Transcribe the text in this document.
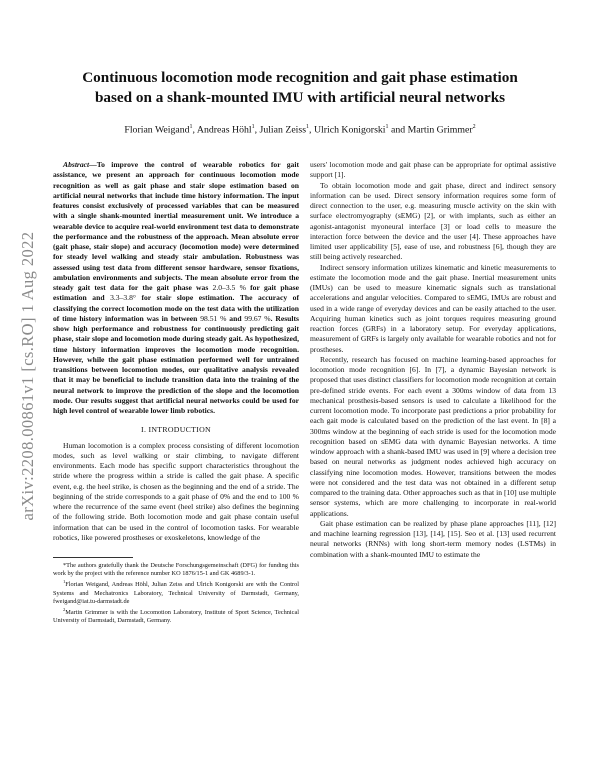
arXiv:2208.00861v1 [cs.RO] 1 Aug 2022
Continuous locomotion mode recognition and gait phase estimation
based on a shank-mounted IMU with artificial neural networks
Florian Weigand$^1$, Andreas Höhl$^1$, Julian Zeiss$^1$, Ulrich Konigorski$^1$ and Martin Grimmer$^2$

Abstract—To improve the control of wearable robotics for gait assistance, we present an approach for continuous locomotion mode recognition as well as gait phase and stair slope estimation based on artificial neural networks that include time history information. The input features consist exclusively of processed variables that can be measured with a single shank-mounted inertial measurement unit. We introduce a wearable device to acquire real-world environment test data to demonstrate the performance and the robustness of the approach. Mean absolute error (gait phase, stair slope) and accuracy (locomotion mode) were determined for steady level walking and steady stair ambulation. Robustness was assessed using test data from different sensor hardware, sensor fixations, ambulation environments and subjects. The mean absolute error from the steady gait test data for the gait phase was 2.0–3.5 % for gait phase estimation and 3.3–3.8° for stair slope estimation. The accuracy of classifying the correct locomotion mode on the test data with the utilization of time history information was in between 98.51 % and 99.67 %. Results show high performance and robustness for continuously predicting gait phase, stair slope and locomotion mode during steady gait. As hypothesized, time history information improves the locomotion mode recognition. However, while the gait phase estimation performed well for untrained transitions between locomotion modes, our qualitative analysis revealed that it may be beneficial to include transition data into the training of the neural network to improve the prediction of the slope and the locomotion mode. Our results suggest that artificial neural networks could be used for high level control of wearable lower limb robotics.

I. INTRODUCTION

Human locomotion is a complex process consisting of different locomotion modes, such as level walking or stair climbing, to navigate different environments. Each mode has specific support characteristics throughout the stride where the progress within a stride is called the gait phase. A specific event, e.g. the heel strike, is chosen as the beginning and the end of a stride. The beginning of the stride corresponds to a gait phase of 0% and the end to 100 % where the recurrence of the same event (heel strike) also defines the beginning of the following stride. Both locomotion mode and gait phase contain useful information that can be used in the control of locomotion tasks. For wearable robotics, like powered prostheses or exoskeletons, knowledge of the

*The authors gratefully thank the Deutsche Forschungsgemeinschaft (DFG) for funding this work by the project with the reference number KO 1876/15-1 and GK 4689/3-1.

$^1$Florian Weigand, Andreas Höhl, Julian Zeiss and Ulrich Konigorski are with the Control Systems and Mechatronics Laboratory, Technical University of Darmstadt, Germany, fweigand@iat.tu-darmstadt.de

$^2$Martin Grimmer is with the Locomotion Laboratory, Institute of Sport Science, Technical University of Darmstadt, Darmstadt, Germany.

users' locomotion mode and gait phase can be appropriate for optimal assistive support [1].

To obtain locomotion mode and gait phase, direct and indirect sensory information can be used. Direct sensory information requires some form of direct connection to the user, e.g. measuring muscle activity on the skin with surface electromyography (sEMG) [2], or with implants, such as either an agonist-antagonist myoneural interface [3] or load cells to measure the interaction force between the device and the user [4]. These approaches have limited user applicability [5], ease of use, and robustness [6], though they are still being actively researched.

Indirect sensory information utilizes kinematic and kinetic measurements to estimate the locomotion mode and the gait phase. Inertial measurement units (IMUs) can be used to measure kinematic signals such as translational accelerations and angular velocities. Compared to sEMG, IMUs are robust and used in a wide range of everyday devices and can be easily attached to the user. Acquiring human kinetics such as joint torques requires measuring ground reaction forces (GRFs) in a laboratory setup. For everyday applications, measurement of GRFs is largely only available for wearable robotics and not for prostheses.

Recently, research has focused on machine learning-based approaches for locomotion mode recognition [6]. In [7], a dynamic Bayesian network is proposed that uses distinct classifiers for locomotion mode recognition at certain pre-defined stride events. For each event a 300ms window of data from 13 mechanical prosthesis-based sensors is used to calculate a likelihood for the current locomotion mode. To incorporate past predictions a prior probability for each gait mode is calculated based on the prediction of the last event. In [8] a 300ms window at the beginning of each stride is used for the locomotion mode recognition based on sEMG data with dynamic Bayesian networks. A time window approach with a shank-based IMU was used in [9] where a decision tree based on neural networks as judgment nodes achieved high accuracy on classifying nine locomotion modes. However, transitions between the modes were not considered and the test data was not obtained in a different setup compared to the training data. Other approaches such as that in [10] use multiple sensor systems, which are more challenging to incorporate in real-world applications.

Gait phase estimation can be realized by phase plane approaches [11], [12] and machine learning regression [13], [14], [15]. Seo et al. [13] used recurrent neural networks (RNNs) with long short-term memory nodes (LSTMs) in combination with a shank-mounted IMU to estimate the
